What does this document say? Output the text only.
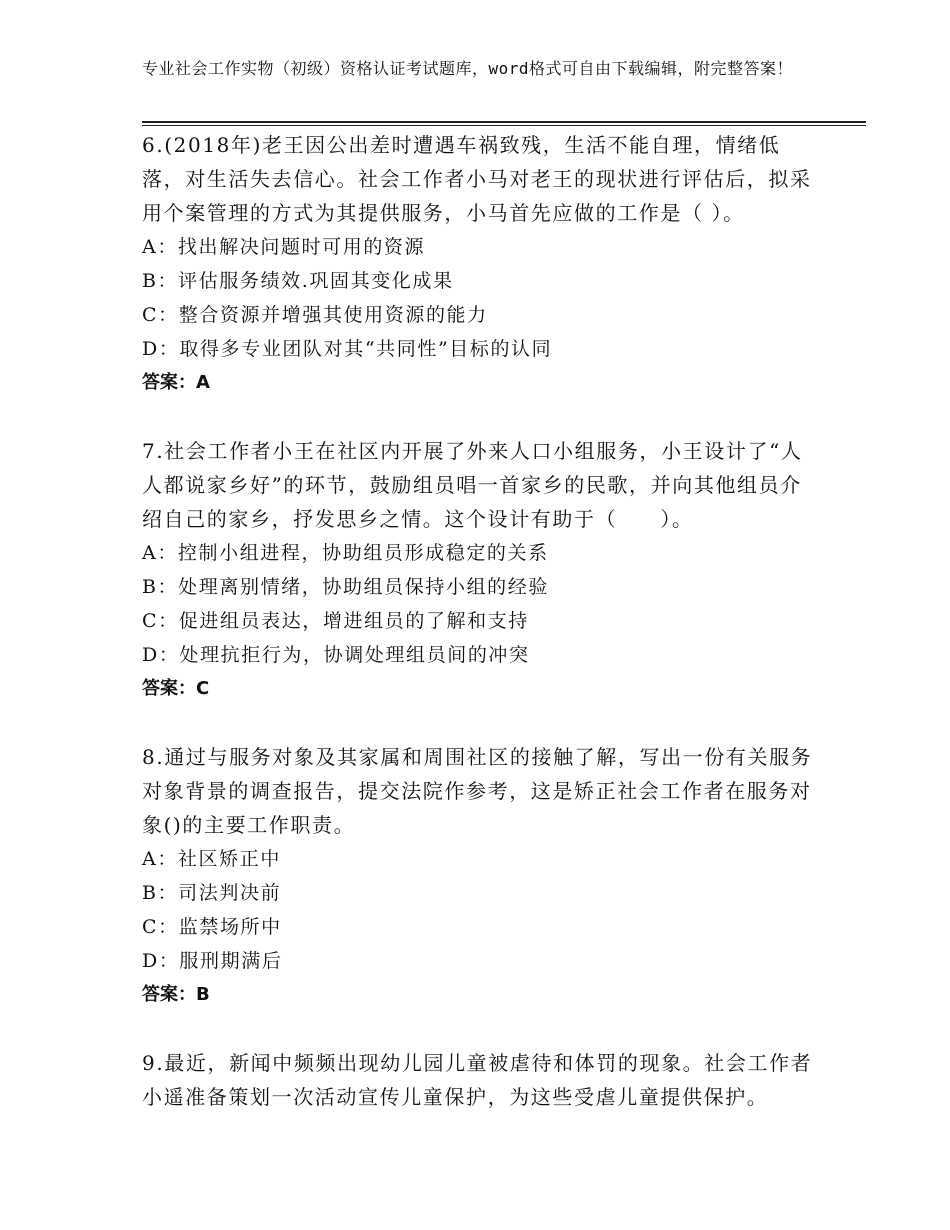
专业社会工作实物（初级）资格认证考试题库，word格式可自由下载编辑，附完整答案！

6.(2018年)老王因公出差时遭遇车祸致残，生活不能自理，情绪低落，对生活失去信心。社会工作者小马对老王的现状进行评估后，拟采用个案管理的方式为其提供服务，小马首先应做的工作是（ ）。

A：找出解决问题时可用的资源

B：评估服务绩效.巩固其变化成果

C：整合资源并增强其使用资源的能力

D：取得多专业团队对其“共同性”目标的认同

答案：A

7.社会工作者小王在社区内开展了外来人口小组服务，小王设计了“人人都说家乡好”的环节，鼓励组员唱一首家乡的民歌，并向其他组员介绍自己的家乡，抒发思乡之情。这个设计有助于（　　）。

A：控制小组进程，协助组员形成稳定的关系

B：处理离别情绪，协助组员保持小组的经验

C：促进组员表达，增进组员的了解和支持

D：处理抗拒行为，协调处理组员间的冲突

答案：C

8.通过与服务对象及其家属和周围社区的接触了解，写出一份有关服务对象背景的调查报告，提交法院作参考，这是矫正社会工作者在服务对象()的主要工作职责。

A：社区矫正中

B：司法判决前

C：监禁场所中

D：服刑期满后

答案：B

9.最近，新闻中频频出现幼儿园儿童被虐待和体罚的现象。社会工作者小遥准备策划一次活动宣传儿童保护，为这些受虐儿童提供保护。
